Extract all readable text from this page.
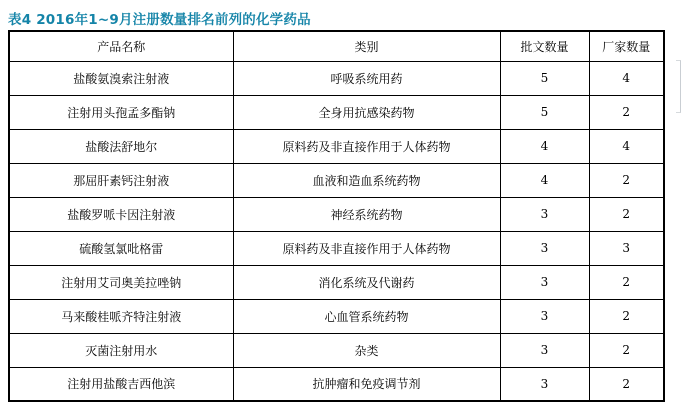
表4 2016年1~9月注册数量排名前列的化学药品
产品名称	类别	批文数量	厂家数量
盐酸氨溴索注射液	呼吸系统用药	5	4
注射用头孢孟多酯钠	全身用抗感染药物	5	2
盐酸法舒地尔	原料药及非直接作用于人体药物	4	4
那屈肝素钙注射液	血液和造血系统药物	4	2
盐酸罗哌卡因注射液	神经系统药物	3	2
硫酸氢氯吡格雷	原料药及非直接作用于人体药物	3	3
注射用艾司奥美拉唑钠	消化系统及代谢药	3	2
马来酸桂哌齐特注射液	心血管系统药物	3	2
灭菌注射用水	杂类	3	2
注射用盐酸吉西他滨	抗肿瘤和免疫调节剂	3	2
